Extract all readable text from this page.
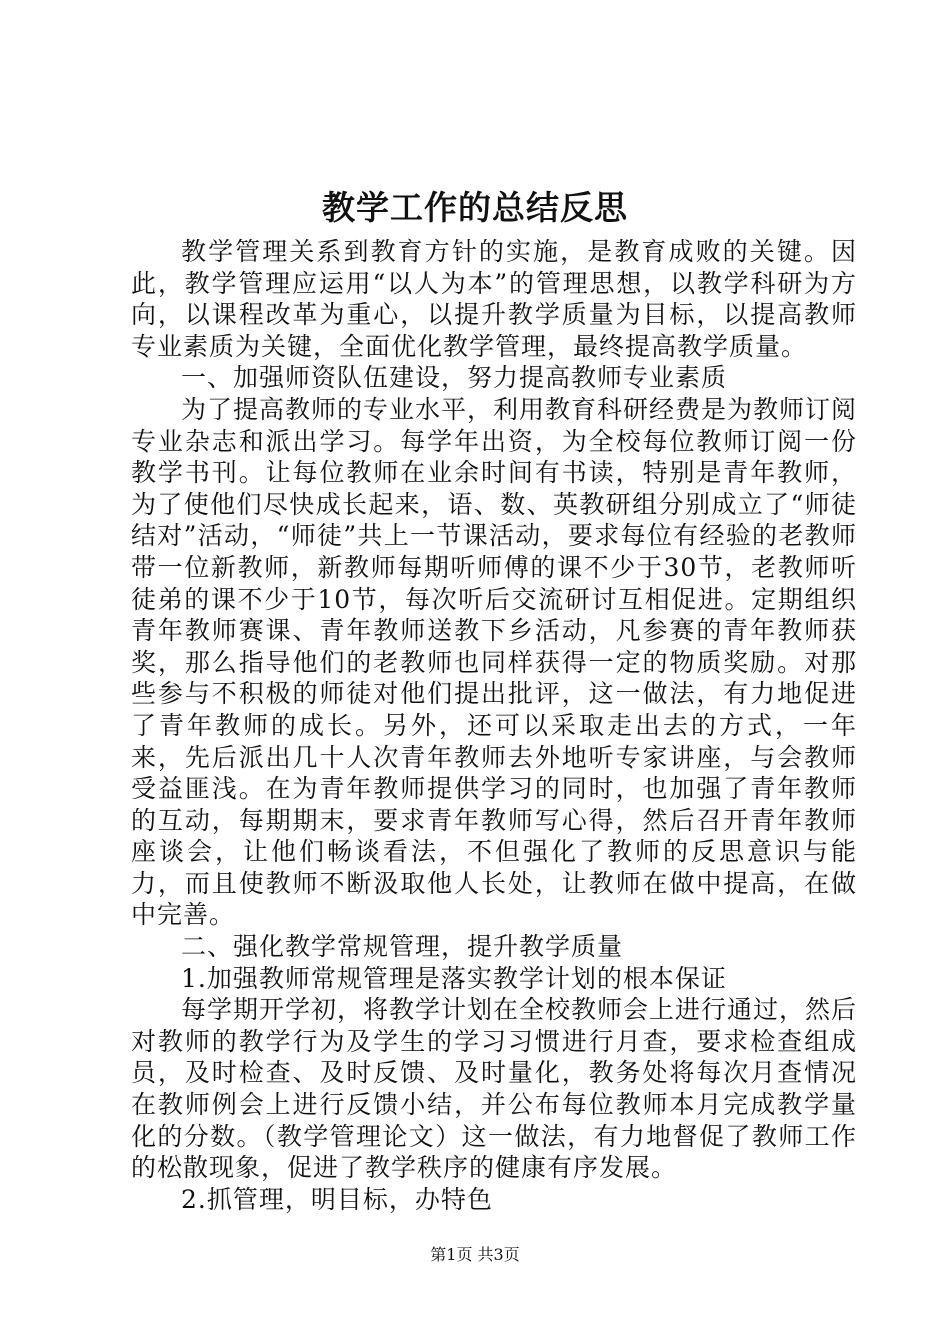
教学工作的总结反思

教学管理关系到教育方针的实施，是教育成败的关键。因此，教学管理应运用“以人为本”的管理思想，以教学科研为方向，以课程改革为重心，以提升教学质量为目标，以提高教师专业素质为关键，全面优化教学管理，最终提高教学质量。

一、加强师资队伍建设，努力提高教师专业素质

为了提高教师的专业水平，利用教育科研经费是为教师订阅专业杂志和派出学习。每学年出资，为全校每位教师订阅一份教学书刊。让每位教师在业余时间有书读，特别是青年教师，为了使他们尽快成长起来，语、数、英教研组分别成立了“师徒结对”活动，“师徒”共上一节课活动，要求每位有经验的老教师带一位新教师，新教师每期听师傅的课不少于30节，老教师听徒弟的课不少于10节，每次听后交流研讨互相促进。定期组织青年教师赛课、青年教师送教下乡活动，凡参赛的青年教师获奖，那么指导他们的老教师也同样获得一定的物质奖励。对那些参与不积极的师徒对他们提出批评，这一做法，有力地促进了青年教师的成长。另外，还可以采取走出去的方式，一年来，先后派出几十人次青年教师去外地听专家讲座，与会教师受益匪浅。在为青年教师提供学习的同时，也加强了青年教师的互动，每期期末，要求青年教师写心得，然后召开青年教师座谈会，让他们畅谈看法，不但强化了教师的反思意识与能力，而且使教师不断汲取他人长处，让教师在做中提高，在做中完善。

二、强化教学常规管理，提升教学质量

1.加强教师常规管理是落实教学计划的根本保证

每学期开学初，将教学计划在全校教师会上进行通过，然后对教师的教学行为及学生的学习习惯进行月查，要求检查组成员，及时检查、及时反馈、及时量化，教务处将每次月查情况在教师例会上进行反馈小结，并公布每位教师本月完成教学量化的分数。（教学管理论文）这一做法，有力地督促了教师工作的松散现象，促进了教学秩序的健康有序发展。

2.抓管理，明目标，办特色

第1页 共3页
